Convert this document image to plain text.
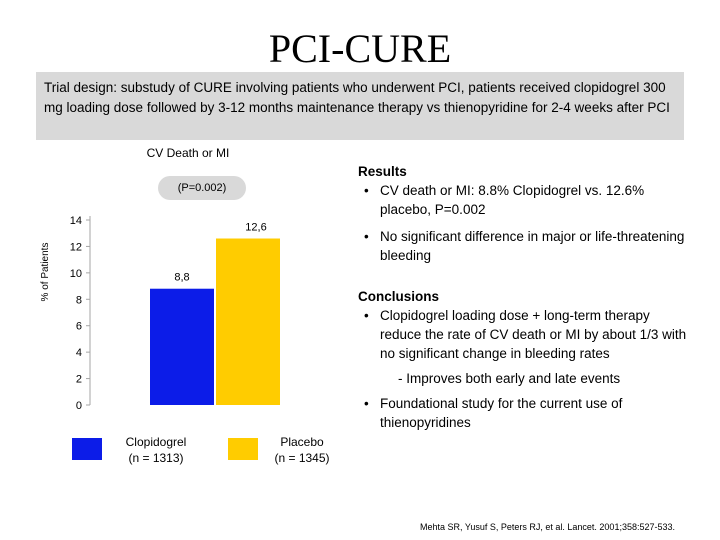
PCI-CURE
Trial design: substudy of CURE involving patients who underwent PCI, patients received clopidogrel 300 mg loading dose followed by 3-12 months maintenance therapy vs thienopyridine for 2-4 weeks after PCI
CV Death or MI
(P=0.002)
% of Patients
0
2
4
6
8
10
12
14
8,8
12,6
Clopidogrel
(n = 1313)
Placebo
(n = 1345)
Results
• CV death or MI: 8.8% Clopidogrel vs. 12.6% placebo, P=0.002
• No significant difference in major or life-threatening bleeding
Conclusions
• Clopidogrel loading dose + long-term therapy reduce the rate of CV death or MI by about 1/3 with no significant change in bleeding rates
- Improves both early and late events
• Foundational study for the current use of thienopyridines
Mehta SR, Yusuf S, Peters RJ, et al. Lancet. 2001;358:527-533.
